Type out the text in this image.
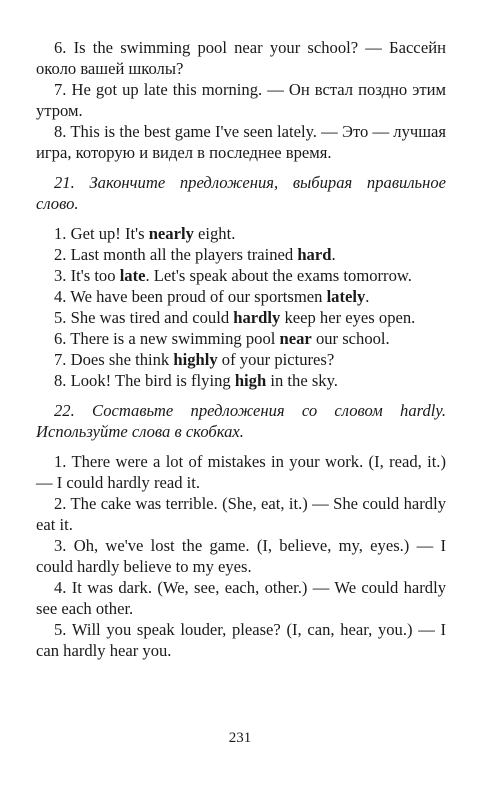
6. Is the swimming pool near your school? — Бассейн около вашей школы?

7. He got up late this morning. — Он встал поздно этим утром.

8. This is the best game I've seen lately. — Это — лучшая игра, которую и видел в последнее время.

21. Закончите предложения, выбирая правильное слово.

1. Get up! It's nearly eight.

2. Last month all the players trained hard.

3. It's too late. Let's speak about the exams tomorrow.

4. We have been proud of our sportsmen lately.

5. She was tired and could hardly keep her eyes open.

6. There is a new swimming pool near our school.

7. Does she think highly of your pictures?

8. Look! The bird is flying high in the sky.

22. Составьте предложения со словом hardly. Используйте слова в скобках.

1. There were a lot of mistakes in your work. (I, read, it.) — I could hardly read it.

2. The cake was terrible. (She, eat, it.) — She could hardly eat it.

3. Oh, we've lost the game. (I, believe, my, eyes.) — I could hardly believe to my eyes.

4. It was dark. (We, see, each, other.) — We could hardly see each other.

5. Will you speak louder, please? (I, can, hear, you.) — I can hardly hear you.

231
